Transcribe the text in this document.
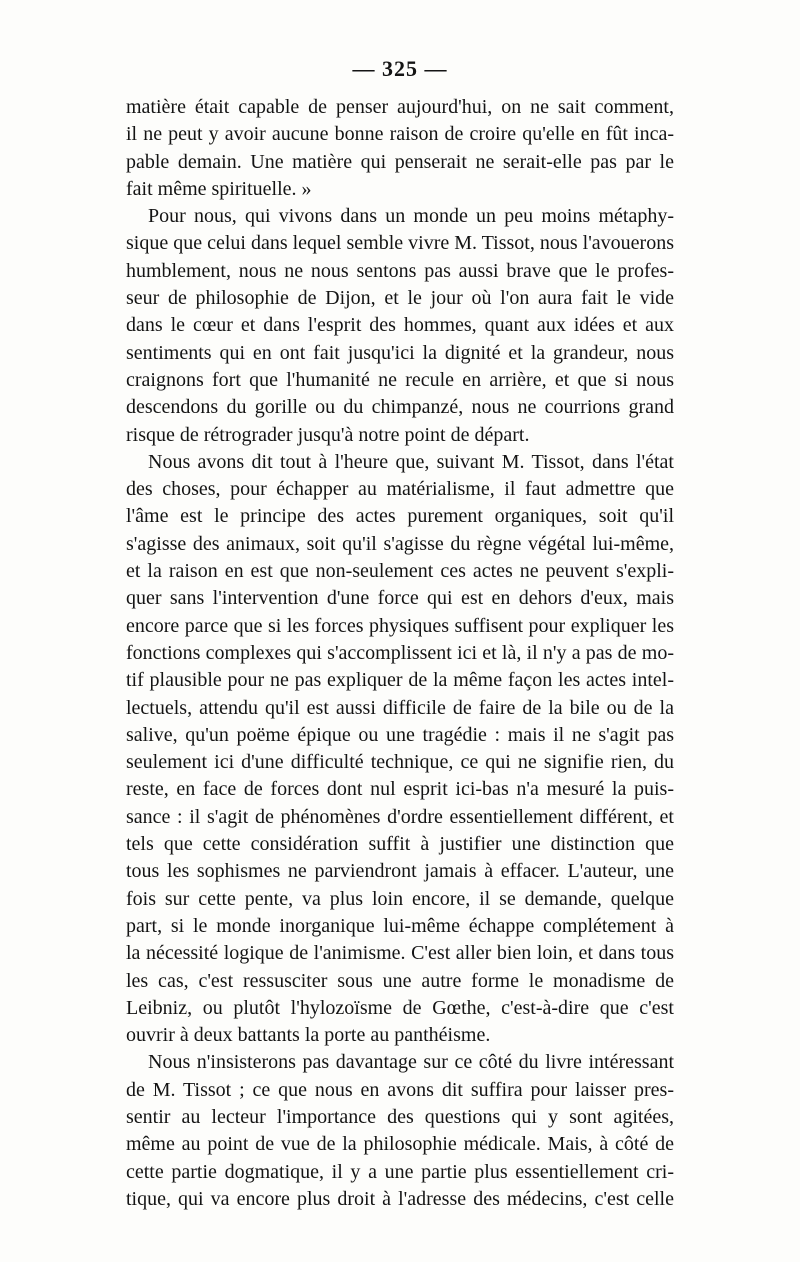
— 325 —
matière était capable de penser aujourd'hui, on ne sait comment,
il ne peut y avoir aucune bonne raison de croire qu'elle en fût inca-
pable demain. Une matière qui penserait ne serait-elle pas par le
fait même spirituelle. »
Pour nous, qui vivons dans un monde un peu moins métaphy-
sique que celui dans lequel semble vivre M. Tissot, nous l'avouerons
humblement, nous ne nous sentons pas aussi brave que le profes-
seur de philosophie de Dijon, et le jour où l'on aura fait le vide
dans le cœur et dans l'esprit des hommes, quant aux idées et aux
sentiments qui en ont fait jusqu'ici la dignité et la grandeur, nous
craignons fort que l'humanité ne recule en arrière, et que si nous
descendons du gorille ou du chimpanzé, nous ne courrions grand
risque de rétrograder jusqu'à notre point de départ.
Nous avons dit tout à l'heure que, suivant M. Tissot, dans l'état
des choses, pour échapper au matérialisme, il faut admettre que
l'âme est le principe des actes purement organiques, soit qu'il
s'agisse des animaux, soit qu'il s'agisse du règne végétal lui-même,
et la raison en est que non-seulement ces actes ne peuvent s'expli-
quer sans l'intervention d'une force qui est en dehors d'eux, mais
encore parce que si les forces physiques suffisent pour expliquer les
fonctions complexes qui s'accomplissent ici et là, il n'y a pas de mo-
tif plausible pour ne pas expliquer de la même façon les actes intel-
lectuels, attendu qu'il est aussi difficile de faire de la bile ou de la
salive, qu'un poëme épique ou une tragédie : mais il ne s'agit pas
seulement ici d'une difficulté technique, ce qui ne signifie rien, du
reste, en face de forces dont nul esprit ici-bas n'a mesuré la puis-
sance : il s'agit de phénomènes d'ordre essentiellement différent, et
tels que cette considération suffit à justifier une distinction que
tous les sophismes ne parviendront jamais à effacer. L'auteur, une
fois sur cette pente, va plus loin encore, il se demande, quelque
part, si le monde inorganique lui-même échappe complétement à
la nécessité logique de l'animisme. C'est aller bien loin, et dans tous
les cas, c'est ressusciter sous une autre forme le monadisme de
Leibniz, ou plutôt l'hylozoïsme de Gœthe, c'est-à-dire que c'est
ouvrir à deux battants la porte au panthéisme.
Nous n'insisterons pas davantage sur ce côté du livre intéressant
de M. Tissot ; ce que nous en avons dit suffira pour laisser pres-
sentir au lecteur l'importance des questions qui y sont agitées,
même au point de vue de la philosophie médicale. Mais, à côté de
cette partie dogmatique, il y a une partie plus essentiellement cri-
tique, qui va encore plus droit à l'adresse des médecins, c'est celle
